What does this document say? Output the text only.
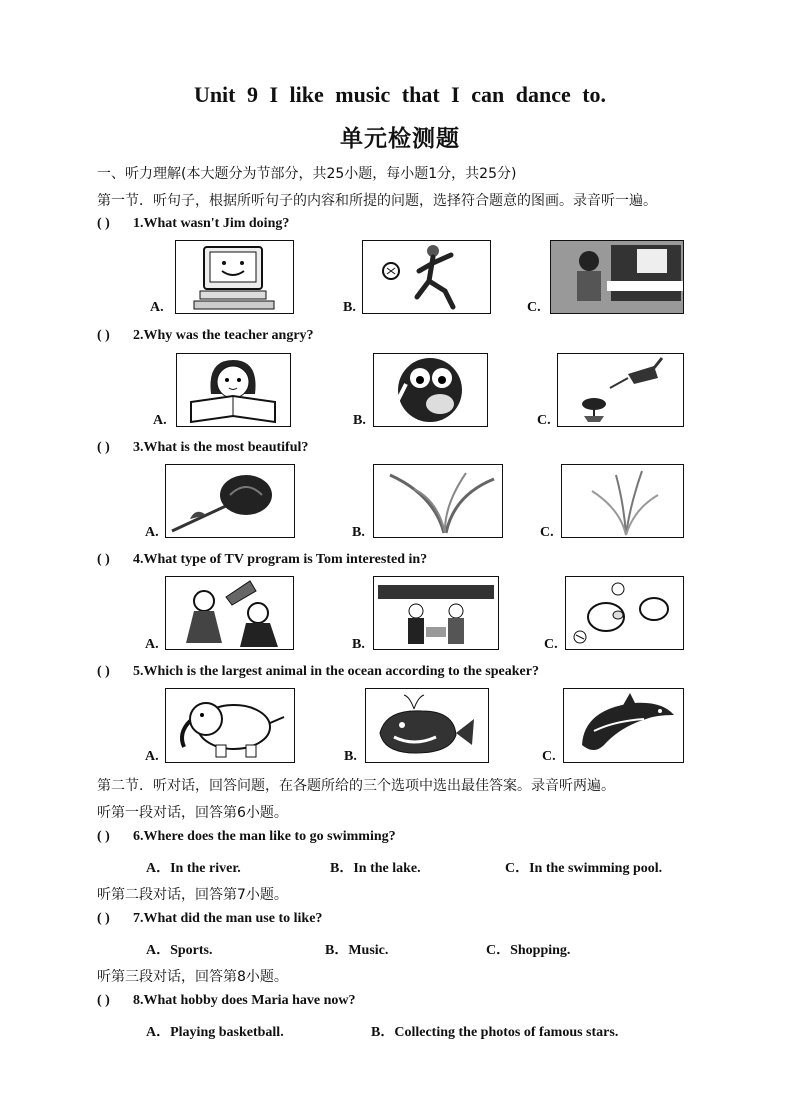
Unit 9 I like music that I can dance to.
单元检测题
一、听力理解(本大题分为节部分，共25小题，每小题1分，共25分)
第一节．听句子，根据所听句子的内容和所提的问题，选择符合题意的图画。录音听一遍。
( ) 1.What wasn't Jim doing?
A.	B.	C.
( ) 2.Why was the teacher angry?
A.	B.	C.
( ) 3.What is the most beautiful?
A.	B.	C.
( ) 4.What type of TV program is Tom interested in?
A.	B.	C.
( ) 5.Which is the largest animal in the ocean according to the speaker?
A.	B.	C.
第二节．听对话，回答问题，在各题所给的三个选项中选出最佳答案。录音听两遍。
听第一段对话，回答第6小题。
( ) 6.Where does the man like to go swimming?
A．In the river.	B．In the lake.	C．In the swimming pool.
听第二段对话，回答第7小题。
( ) 7.What did the man use to like?
A．Sports.	B．Music.	C．Shopping.
听第三段对话，回答第8小题。
( ) 8.What hobby does Maria have now?
A．Playing basketball.	B．Collecting the photos of famous stars.
